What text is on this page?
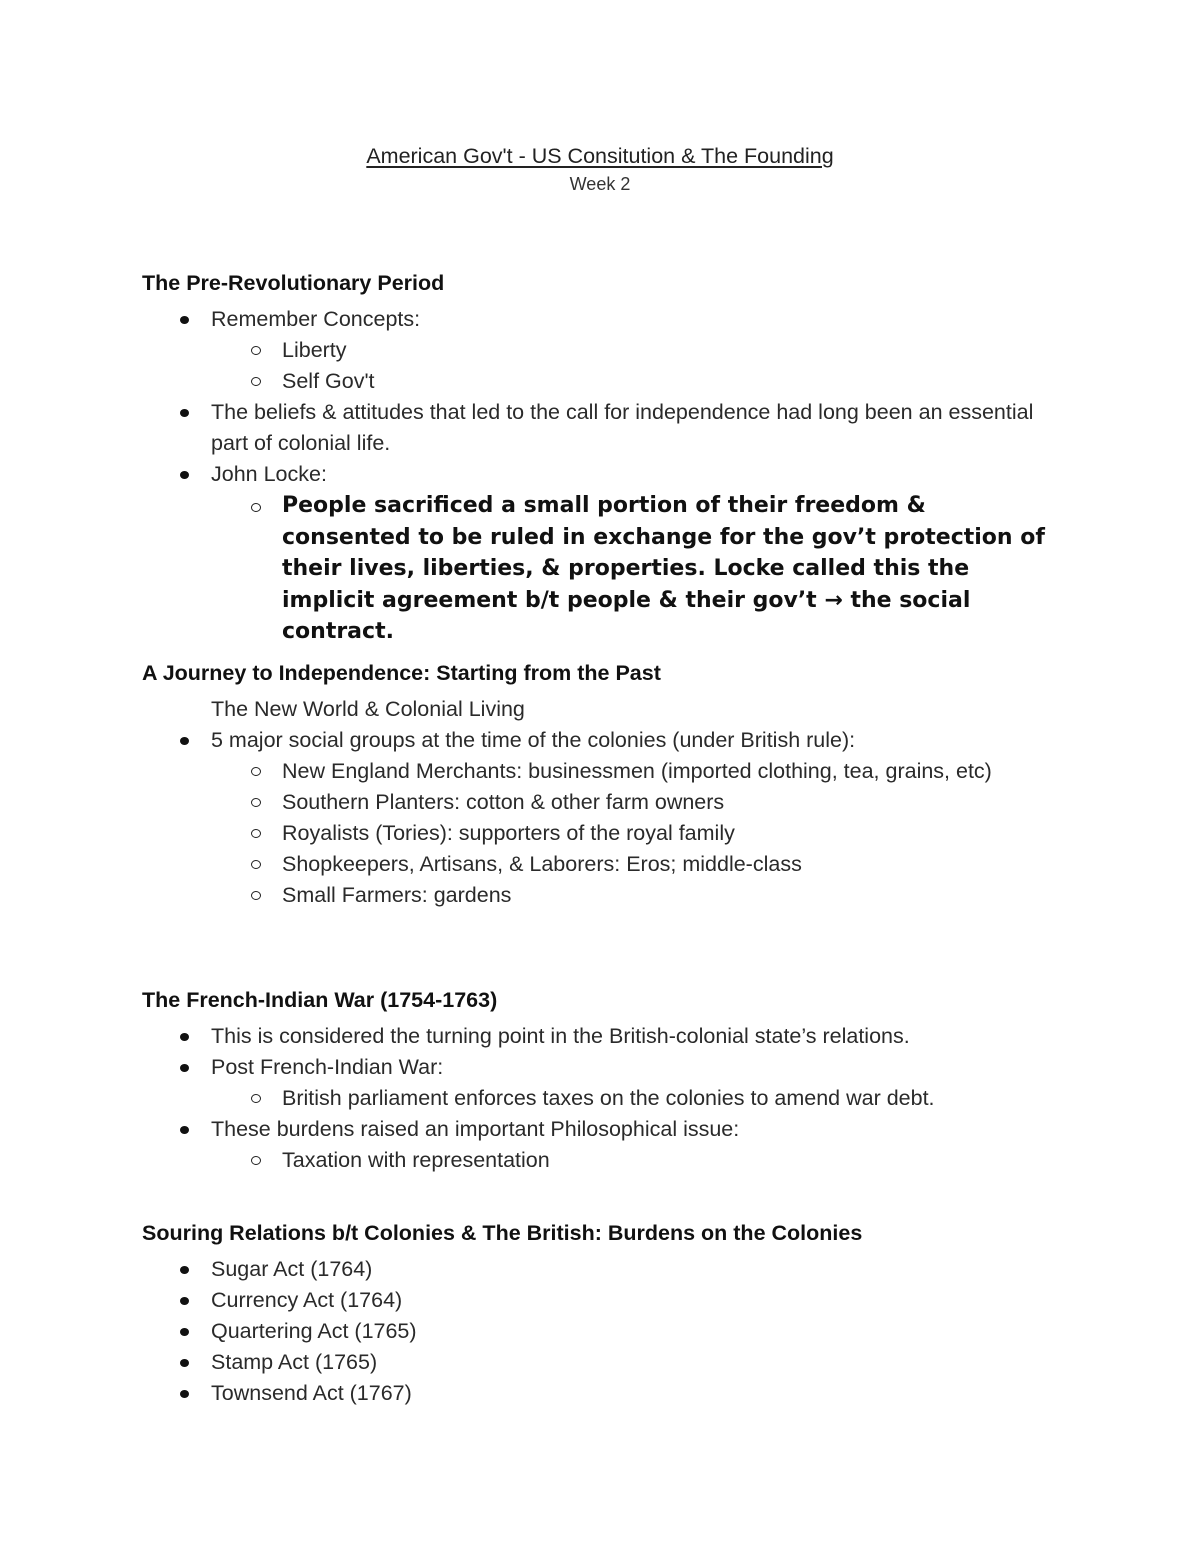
American Gov't - US Consitution & The Founding
Week 2
The Pre-Revolutionary Period
Remember Concepts:
Liberty
Self Gov't
The beliefs & attitudes that led to the call for independence had long been an essential part of colonial life.
John Locke:
People sacrificed a small portion of their freedom & consented to be ruled in exchange for the gov’t protection of their lives, liberties, & properties. Locke called this the implicit agreement b/t people & their gov’t → the social contract.
A Journey to Independence: Starting from the Past
The New World & Colonial Living
5 major social groups at the time of the colonies (under British rule):
New England Merchants: businessmen (imported clothing, tea, grains, etc)
Southern Planters: cotton & other farm owners
Royalists (Tories): supporters of the royal family
Shopkeepers, Artisans, & Laborers: Eros; middle-class
Small Farmers: gardens
The French-Indian War (1754-1763)
This is considered the turning point in the British-colonial state’s relations.
Post French-Indian War:
British parliament enforces taxes on the colonies to amend war debt.
These burdens raised an important Philosophical issue:
Taxation with representation
Souring Relations b/t Colonies & The British: Burdens on the Colonies
Sugar Act (1764)
Currency Act (1764)
Quartering Act (1765)
Stamp Act (1765)
Townsend Act (1767)
